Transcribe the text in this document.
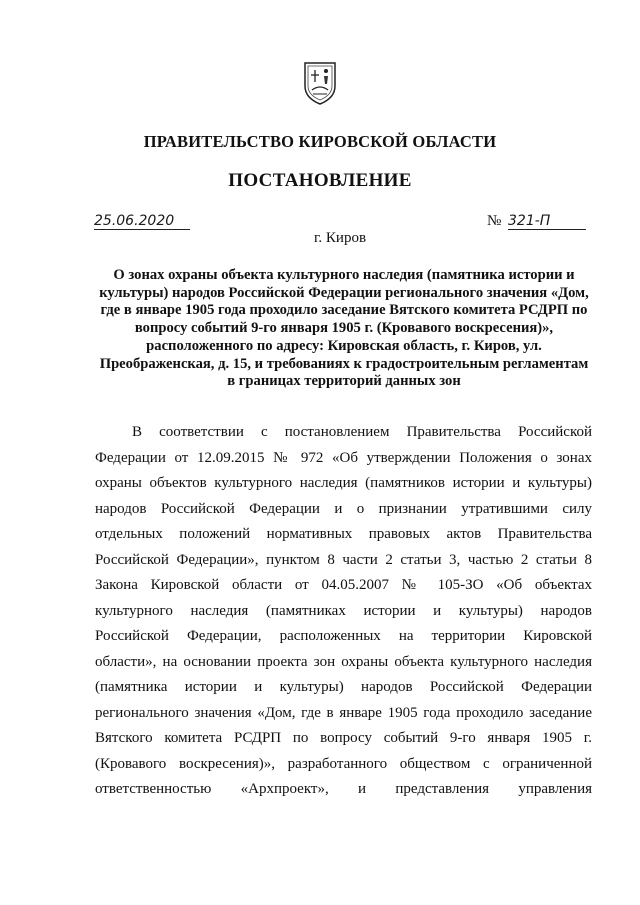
ПРАВИТЕЛЬСТВО КИРОВСКОЙ ОБЛАСТИ
ПОСТАНОВЛЕНИЕ
25.06.2020	№ 321-П
г. Киров
О зонах охраны объекта культурного наследия (памятника истории и культуры) народов Российской Федерации регионального значения «Дом, где в январе 1905 года проходило заседание Вятского комитета РСДРП по вопросу событий 9-го января 1905 г. (Кровавого воскресения)», расположенного по адресу: Кировская область, г. Киров, ул. Преображенская, д. 15, и требованиях к градостроительным регламентам в границах территорий данных зон
В соответствии с постановлением Правительства Российской
Федерации от 12.09.2015 № 972 «Об утверждении Положения о зонах
охраны объектов культурного наследия (памятников истории и культуры)
народов Российской Федерации и о признании утратившими силу
отдельных положений нормативных правовых актов Правительства
Российской Федерации», пунктом 8 части 2 статьи 3, частью 2 статьи 8
Закона Кировской области от 04.05.2007 № 105-ЗО «Об объектах
культурного наследия (памятниках истории и культуры) народов
Российской Федерации, расположенных на территории Кировской
области», на основании проекта зон охраны объекта культурного наследия
(памятника истории и культуры) народов Российской Федерации
регионального значения «Дом, где в январе 1905 года проходило заседание
Вятского комитета РСДРП по вопросу событий 9-го января 1905 г.
(Кровавого воскресения)», разработанного обществом с ограниченной
ответственностью «Архпроект», и представления управления
